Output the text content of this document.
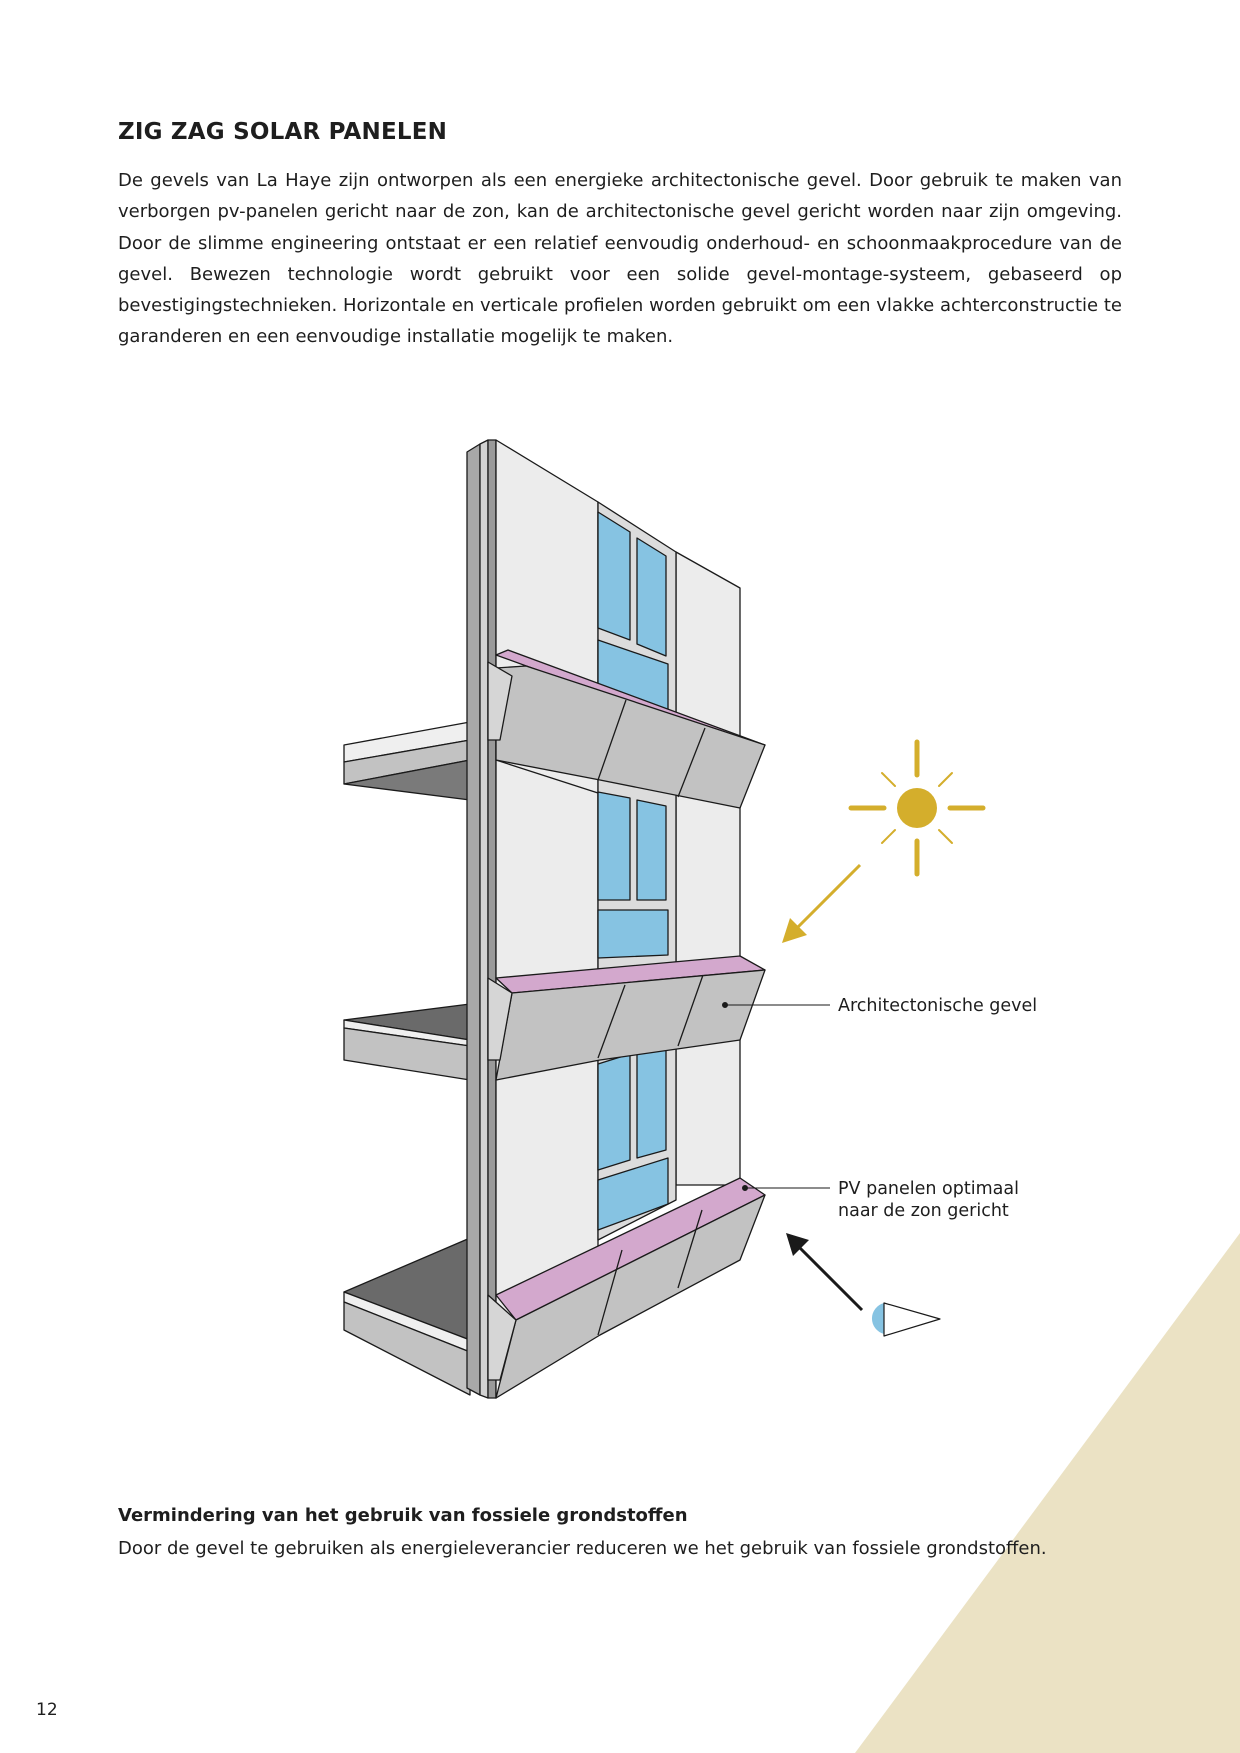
ZIG ZAG SOLAR PANELEN

De gevels van La Haye zijn ontworpen als een energieke architectonische gevel. Door gebruik te maken van verborgen pv-panelen gericht naar de zon, kan de architectonische gevel gericht worden naar zijn omgeving. Door de slimme engineering ontstaat er een relatief eenvoudig onderhoud- en schoonmaakprocedure van de gevel. Bewezen technologie wordt gebruikt voor een solide gevel-montage-systeem, gebaseerd op bevestigingstechnieken. Horizontale en verticale profielen worden gebruikt om een vlakke achterconstructie te garanderen en een eenvoudige installatie mogelijk te maken.

Architectonische gevel
PV panelen optimaal
naar de zon gericht
Vermindering van het gebruik van fossiele grondstoffen

Door de gevel te gebruiken als energieleverancier reduceren we het gebruik van fossiele grondstoffen.

12
